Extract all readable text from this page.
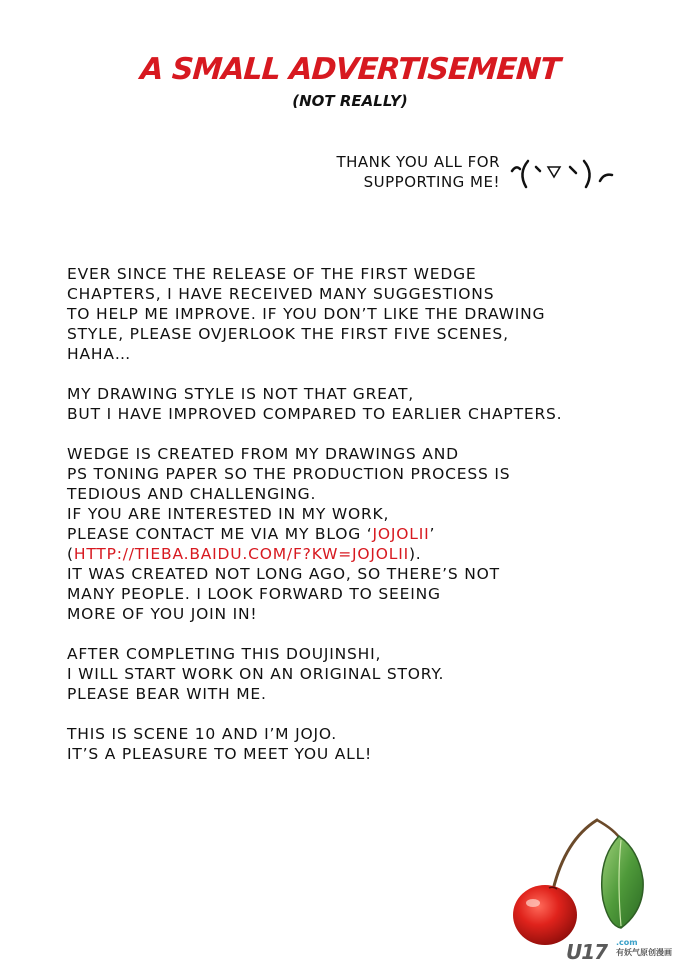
A SMALL ADVERTISEMENT
(NOT REALLY)
THANK YOU ALL FOR
SUPPORTING ME!
EVER SINCE THE RELEASE OF THE FIRST WEDGE
CHAPTERS, I HAVE RECEIVED MANY SUGGESTIONS
TO HELP ME IMPROVE. IF YOU DON’T LIKE THE DRAWING
STYLE, PLEASE OVJERLOOK THE FIRST FIVE SCENES,
HAHA…
MY DRAWING STYLE IS NOT THAT GREAT,
BUT I HAVE IMPROVED COMPARED TO EARLIER CHAPTERS.
WEDGE IS CREATED FROM MY DRAWINGS AND
PS TONING PAPER SO THE PRODUCTION PROCESS IS
TEDIOUS AND CHALLENGING.
IF YOU ARE INTERESTED IN MY WORK,
PLEASE CONTACT ME VIA MY BLOG ‘JOJOLII’
(HTTP://TIEBA.BAIDU.COM/F?KW=JOJOLII).
IT WAS CREATED NOT LONG AGO, SO THERE’S NOT
MANY PEOPLE. I LOOK FORWARD TO SEEING
MORE OF YOU JOIN IN!
AFTER COMPLETING THIS DOUJINSHI,
I WILL START WORK ON AN ORIGINAL STORY.
PLEASE BEAR WITH ME.
THIS IS SCENE 10 AND I’M JOJO.
IT’S A PLEASURE TO MEET YOU ALL!
U17 .com
有妖气原创漫画
